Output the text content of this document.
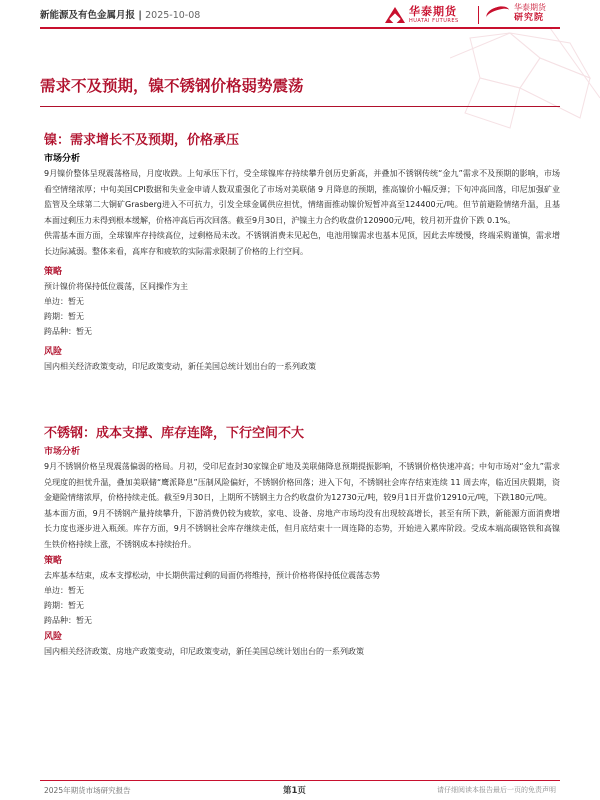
新能源及有色金属月报 | 2025-10-08	华泰期货
HUATAI FUTURES
华泰期货
研究院
需求不及预期，镍不锈钢价格弱势震荡
镍：需求增长不及预期，价格承压
市场分析
9月镍价整体呈现震荡格局，月度收跌。上旬承压下行，受全球镍库存持续攀升创历史新高，并叠加不锈钢传统“金九”需求不及预期的影响，市场看空情绪浓厚；中旬美国CPI数据和失业金申请人数双重强化了市场对美联储 9 月降息的预期，推高镍价小幅反弹；下旬冲高回落，印尼加强矿业监管及全球第二大铜矿Grasberg进入不可抗力，引发全球金属供应担忧，情绪面推动镍价短暂冲高至124400元/吨。但节前避险情绪升温，且基本面过剩压力未得到根本缓解，价格冲高后再次回落。截至9月30日，沪镍主力合约收盘价120900元/吨，较月初开盘价下跌 0.1%。
供需基本面方面，全球镍库存持续高位，过剩格局未改。不锈钢消费未见起色，电池用镍需求也基本见顶，因此去库缓慢，终端采购谨慎，需求增长边际减弱。整体来看，高库存和疲软的实际需求限制了价格的上行空间。
策略
预计镍价将保持低位震荡，区间操作为主
单边：暂无
跨期：暂无
跨品种：暂无
风险
国内相关经济政策变动，印尼政策变动，新任美国总统计划出台的一系列政策
不锈钢：成本支撑、库存连降，下行空间不大
市场分析
9月不锈钢价格呈现震荡偏弱的格局。月初，受印尼查封30家镍企矿地及美联储降息预期提振影响，不锈钢价格快速冲高；中旬市场对“金九”需求兑现度的担忧升温，叠加美联储“鹰派降息”压制风险偏好，不锈钢价格回落；进入下旬，不锈钢社会库存结束连续 11 周去库，临近国庆假期，资金避险情绪浓厚，价格持续走低。截至9月30日，上期所不锈钢主力合约收盘价为12730元/吨，较9月1日开盘价12910元/吨，下跌180元/吨。
基本面方面，9月不锈钢产量持续攀升，下游消费仍较为疲软，家电、设备、房地产市场均没有出现较高增长，甚至有所下跌，新能源方面消费增长力度也逐步进入瓶颈。库存方面，9月不锈钢社会库存继续走低，但月底结束十一周连降的态势，开始进入累库阶段。受成本端高碳铬铁和高镍生铁价格持续上涨，不锈钢成本持续抬升。
策略
去库基本结束，成本支撑松动，中长期供需过剩的局面仍将维持，预计价格将保持低位震荡态势
单边：暂无
跨期：暂无
跨品种：暂无
风险
国内相关经济政策、房地产政策变动，印尼政策变动，新任美国总统计划出台的一系列政策
2025年期货市场研究报告	第1页	请仔细阅读本报告最后一页的免责声明
